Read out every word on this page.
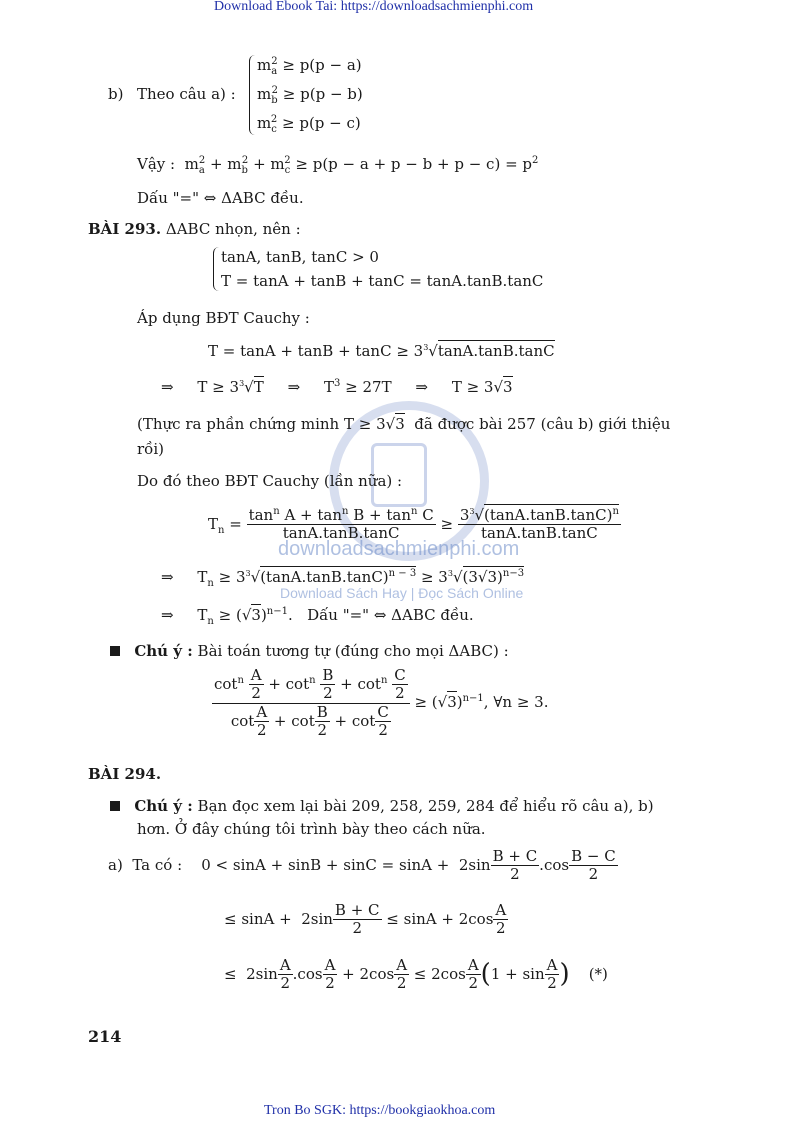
Download Ebook Tai: https://downloadsachmienphi.com
Tron Bo SGK: https://bookgiaokhoa.com
214
downloadsachmienphi.com
Download Sách Hay | Đọc Sách Online
b) Theo câu a) :
$m_a^2 \ge p(p - a)$
$m_b^2 \ge p(p - b)$
$m_c^2 \ge p(p - c)$
Vậy :  $m_a^2 + m_b^2 + m_c^2 \ge p(p - a + p - b + p - c) = p^2$
Dấu "=" ⇔ ΔABC đều.
BÀI 293. ΔABC nhọn, nên :
tanA, tanB, tanC > 0
T = tanA + tanB + tanC = tanA.tanB.tanC
Áp dụng BĐT Cauchy :
$T = \tan A + \tan B + \tan C \ge 3^3√\tan A.\tan B.\tan C$
⇒     $T \ge 3^3√T$     ⇒     $T^3 \ge 27T$     ⇒     T ≥ 3√3
(Thực ra phần chứng minh T ≥ 3√3 đã được bài 257 (câu b) giới thiệu
rồi)
Do đó theo BĐT Cauchy (lần nữa) :
$T_n = \frac{\tan^n A + \tan^n B + \tan^n C}{\tan A.\tan B.\tan C} \ge \frac{3^3√(\tan A.\tan B.\tan C)^n}{\tan A.\tan B.\tan C}$
⇒     $T_n \ge 3^3√(\tan A.\tan B.\tan C)^{n - 3} \ge 3^3√(3√3)^{n-3}$
⇒     $T_n \ge (√3)^{n-1}$.   Dấu "=" ⇔ ΔABC đều.
Chú ý : Bài toán tương tự (đúng cho mọi ΔABC) :
$\frac{\cot^n \frac{A}{2} + \cot^n \frac{B}{2} + \cot^n \frac{C}{2}}{\cot \frac{A}{2} + \cot \frac{B}{2} + \cot \frac{C}{2}} \ge (√3)^{n-1}$, ∀n ≥ 3.
BÀI 294.
Chú ý : Bạn đọc xem lại bài 209, 258, 259, 284 để hiểu rõ câu a), b)
hơn. Ở đây chúng tôi trình bày theo cách nữa.
a) Ta có :    $0 < \sin A + \sin B + \sin C = \sin A + 2\sin \frac{B + C}{2} .\cos \frac{B - C}{2}$
≤ $\sin A + 2\sin \frac{B + C}{2} \le \sin A + 2\cos \frac{A}{2}$
≤  $2\sin \frac{A}{2} .\cos \frac{A}{2} + 2\cos \frac{A}{2} \le 2\cos \frac{A}{2} (1 + \sin \frac{A}{2}$ ) (*)
